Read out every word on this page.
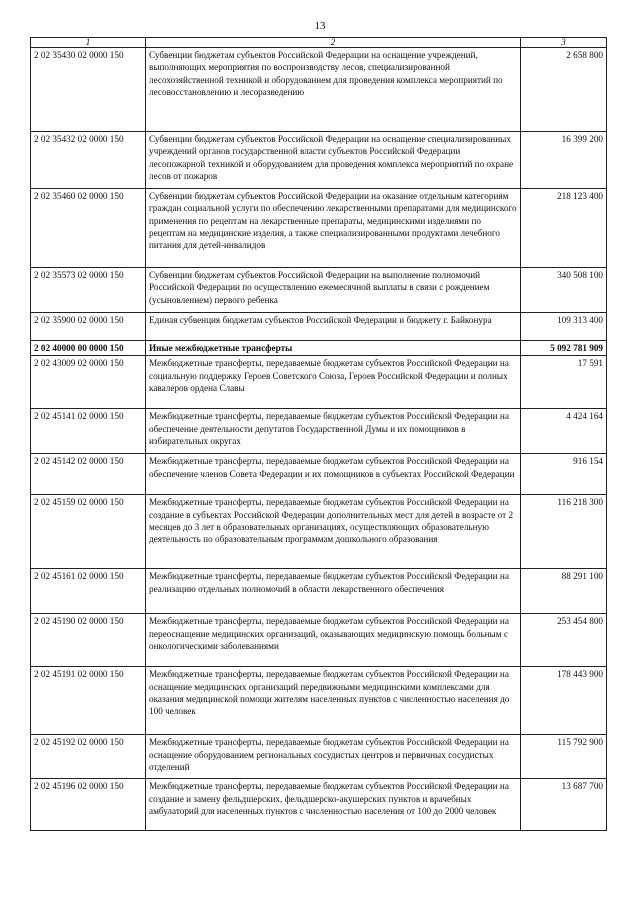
13
1	2	3
2 02 35430 02 0000 150	Субвенции бюджетам субъектов Российской Федерации на оснащение учреждений, выполняющих мероприятия по воспроизводству лесов, специализированной лесохозяйственной техникой и оборудованием для проведения комплекса мероприятий по лесовосстановлению и лесоразведению	2 658 800
2 02 35432 02 0000 150	Субвенции бюджетам субъектов Российской Федерации на оснащение специализированных учреждений органов государственной власти субъектов Российской Федерации лесопожарной техникой и оборудованием для проведения комплекса мероприятий по охране лесов от пожаров	16 399 200
2 02 35460 02 0000 150	Субвенции бюджетам субъектов Российской Федерации на оказание отдельным категориям граждан социальной услуги по обеспечению лекарственными препаратами для медицинского применения по рецептам на лекарственные препараты, медицинскими изделиями по рецептам на медицинские изделия, а также специализированными продуктами лечебного питания для детей-инвалидов	218 123 400
2 02 35573 02 0000 150	Субвенции бюджетам субъектов Российской Федерации на выполнение полномочий Российской Федерации по осуществлению ежемесячной выплаты в связи с рождением (усыновлением) первого ребенка	340 508 100
2 02 35900 02 0000 150	Единая субвенция бюджетам субъектов Российской Федерации и бюджету г. Байконура	109 313 400
2 02 40000 00 0000 150	Иные межбюджетные трансферты	5 092 781 909
2 02 43009 02 0000 150	Межбюджетные трансферты, передаваемые бюджетам субъектов Российской Федерации на социальную поддержку Героев Советского Союза, Героев Российской Федерации и полных кавалеров ордена Славы	17 591
2 02 45141 02 0000 150	Межбюджетные трансферты, передаваемые бюджетам субъектов Российской Федерации на обеспечение деятельности депутатов Государственной Думы и их помощников в избирательных округах	4 424 164
2 02 45142 02 0000 150	Межбюджетные трансферты, передаваемые бюджетам субъектов Российской Федерации на обеспечение членов Совета Федерации и их помощников в субъектах Российской Федерации	916 154
2 02 45159 02 0000 150	Межбюджетные трансферты, передаваемые бюджетам субъектов Российской Федерации на создание в субъектах Российской Федерации дополнительных мест для детей в возрасте от 2 месяцев до 3 лет в образовательных организациях, осуществляющих образовательную деятельность по образовательным программам дошкольного образования	116 218 300
2 02 45161 02 0000 150	Межбюджетные трансферты, передаваемые бюджетам субъектов Российской Федерации на реализацию отдельных полномочий в области лекарственного обеспечения	88 291 100
2 02 45190 02 0000 150	Межбюджетные трансферты, передаваемые бюджетам субъектов Российской Федерации на переоснащение медицинских организаций, оказывающих медицинскую помощь больным с онкологическими заболеваниями	253 454 800
2 02 45191 02 0000 150	Межбюджетные трансферты, передаваемые бюджетам субъектов Российской Федерации на оснащение медицинских организаций передвижными медицинскими комплексами для оказания медицинской помощи жителям населенных пунктов с численностью населения до 100 человек	178 443 900
2 02 45192 02 0000 150	Межбюджетные трансферты, передаваемые бюджетам субъектов Российской Федерации на оснащение оборудованием региональных сосудистых центров и первичных сосудистых отделений	115 792 900
2 02 45196 02 0000 150	Межбюджетные трансферты, передаваемые бюджетам субъектов Российской Федерации на создание и замену фельдшерских, фельдшерско-акушерских пунктов и врачебных амбулаторий для населенных пунктов с численностью населения от 100 до 2000 человек	13 687 700
